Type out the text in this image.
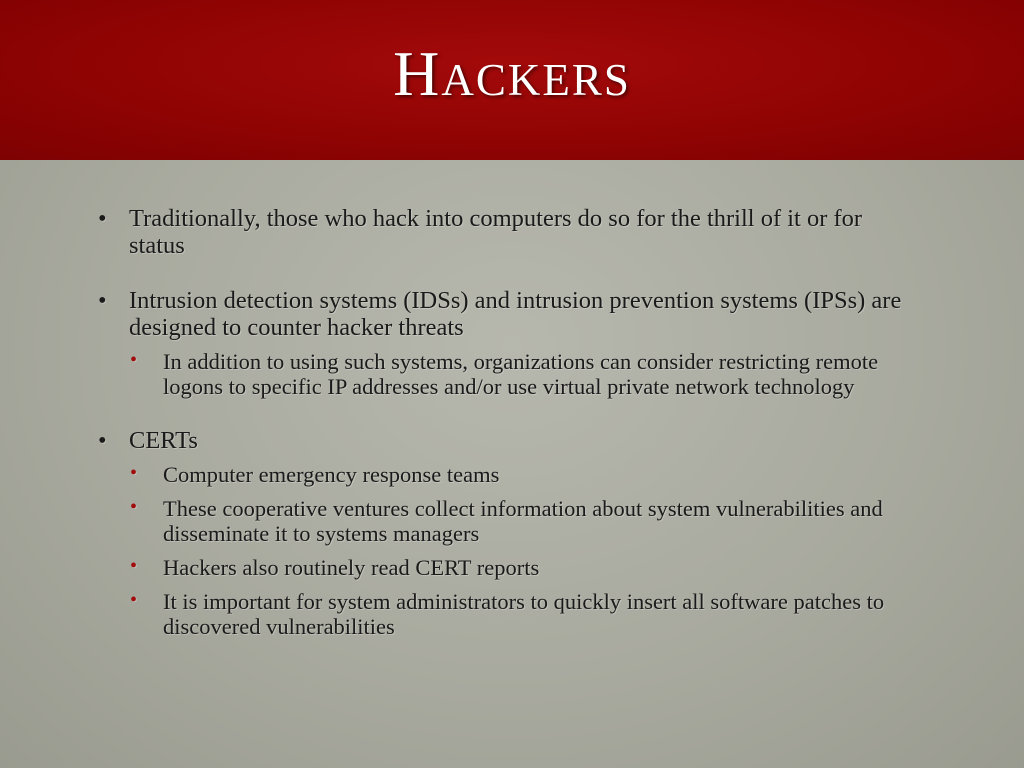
Hackers
• Traditionally, those who hack into computers do so for the thrill of it or for status
• Intrusion detection systems (IDSs) and intrusion prevention systems (IPSs) are designed to counter hacker threats
• In addition to using such systems, organizations can consider restricting remote logons to specific IP addresses and/or use virtual private network technology
• CERTs
• Computer emergency response teams
• These cooperative ventures collect information about system vulnerabilities and disseminate it to systems managers
• Hackers also routinely read CERT reports
• It is important for system administrators to quickly insert all software patches to discovered vulnerabilities
